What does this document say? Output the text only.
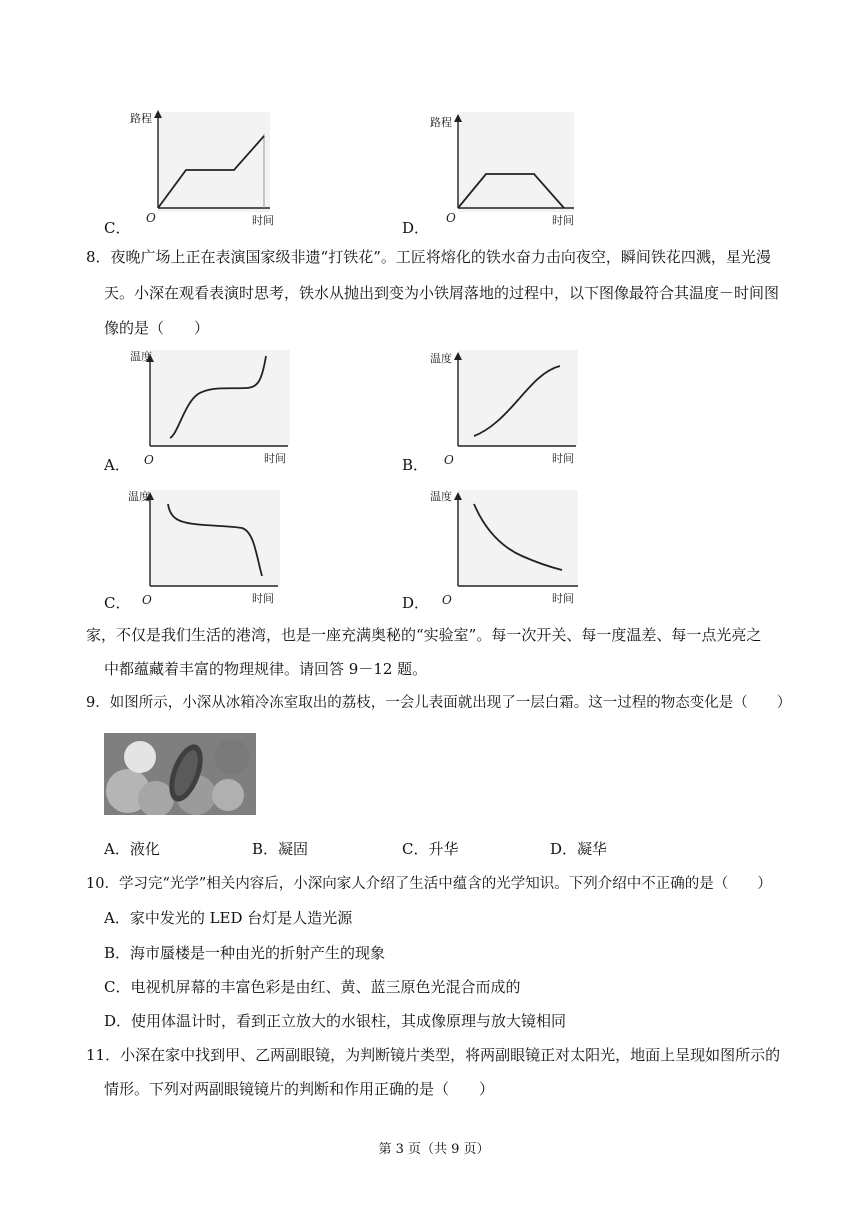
C．
路程
时间
O
D．
路程
时间
O
8．夜晚广场上正在表演国家级非遗“打铁花”。工匠将熔化的铁水奋力击向夜空，瞬间铁花四溅，星光漫
天。小深在观看表演时思考，铁水从抛出到变为小铁屑落地的过程中，以下图像最符合其温度－时间图
像的是（　　）
A．
温度
时间
O	B．
温度
时间
O
C．
温度
时间
O	D．
温度
时间
O
家，不仅是我们生活的港湾，也是一座充满奥秘的“实验室”。每一次开关、每一度温差、每一点光亮之
中都蕴藏着丰富的物理规律。请回答 9－12 题。
9．如图所示，小深从冰箱冷冻室取出的荔枝，一会儿表面就出现了一层白霜。这一过程的物态变化是（　　）
A．液化	B．凝固	C．升华	D．凝华
10．学习完“光学”相关内容后，小深向家人介绍了生活中蕴含的光学知识。下列介绍中不正确的是（　　）
A．家中发光的 LED 台灯是人造光源
B．海市蜃楼是一种由光的折射产生的现象
C．电视机屏幕的丰富色彩是由红、黄、蓝三原色光混合而成的
D．使用体温计时，看到正立放大的水银柱，其成像原理与放大镜相同
11．小深在家中找到甲、乙两副眼镜，为判断镜片类型，将两副眼镜正对太阳光，地面上呈现如图所示的
情形。下列对两副眼镜镜片的判断和作用正确的是（　　）
第 3 页（共 9 页）
